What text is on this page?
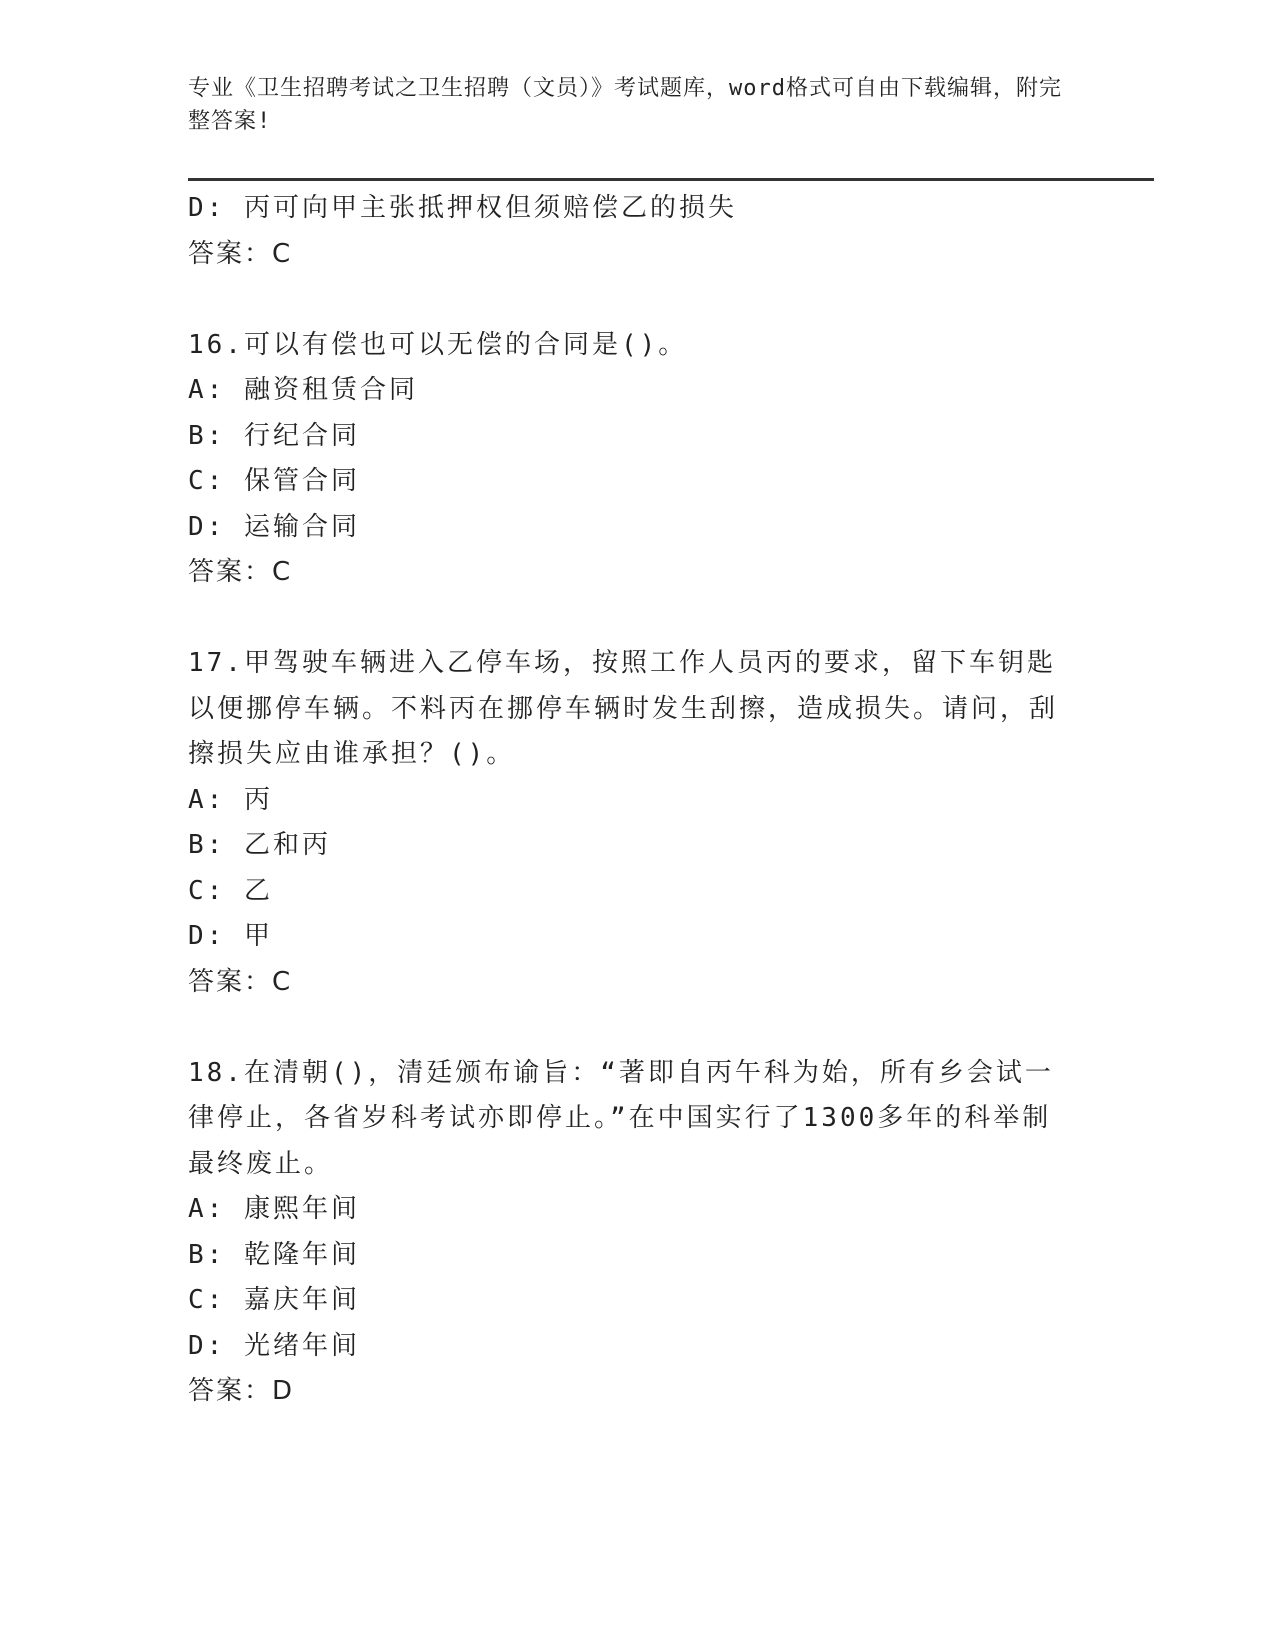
专业《卫生招聘考试之卫生招聘（文员）》考试题库，word格式可自由下载编辑，附完整答案!
D: 丙可向甲主张抵押权但须赔偿乙的损失
答案：C
16.可以有偿也可以无偿的合同是()。
A: 融资租赁合同
B: 行纪合同
C: 保管合同
D: 运输合同
答案：C
17.甲驾驶车辆进入乙停车场，按照工作人员丙的要求，留下车钥匙以便挪停车辆。不料丙在挪停车辆时发生刮擦，造成损失。请问，刮擦损失应由谁承担？()。
A: 丙
B: 乙和丙
C: 乙
D: 甲
答案：C
18.在清朝()，清廷颁布谕旨：“著即自丙午科为始，所有乡会试一律停止，各省岁科考试亦即停止。”在中国实行了1300多年的科举制最终废止。
A: 康熙年间
B: 乾隆年间
C: 嘉庆年间
D: 光绪年间
答案：D
